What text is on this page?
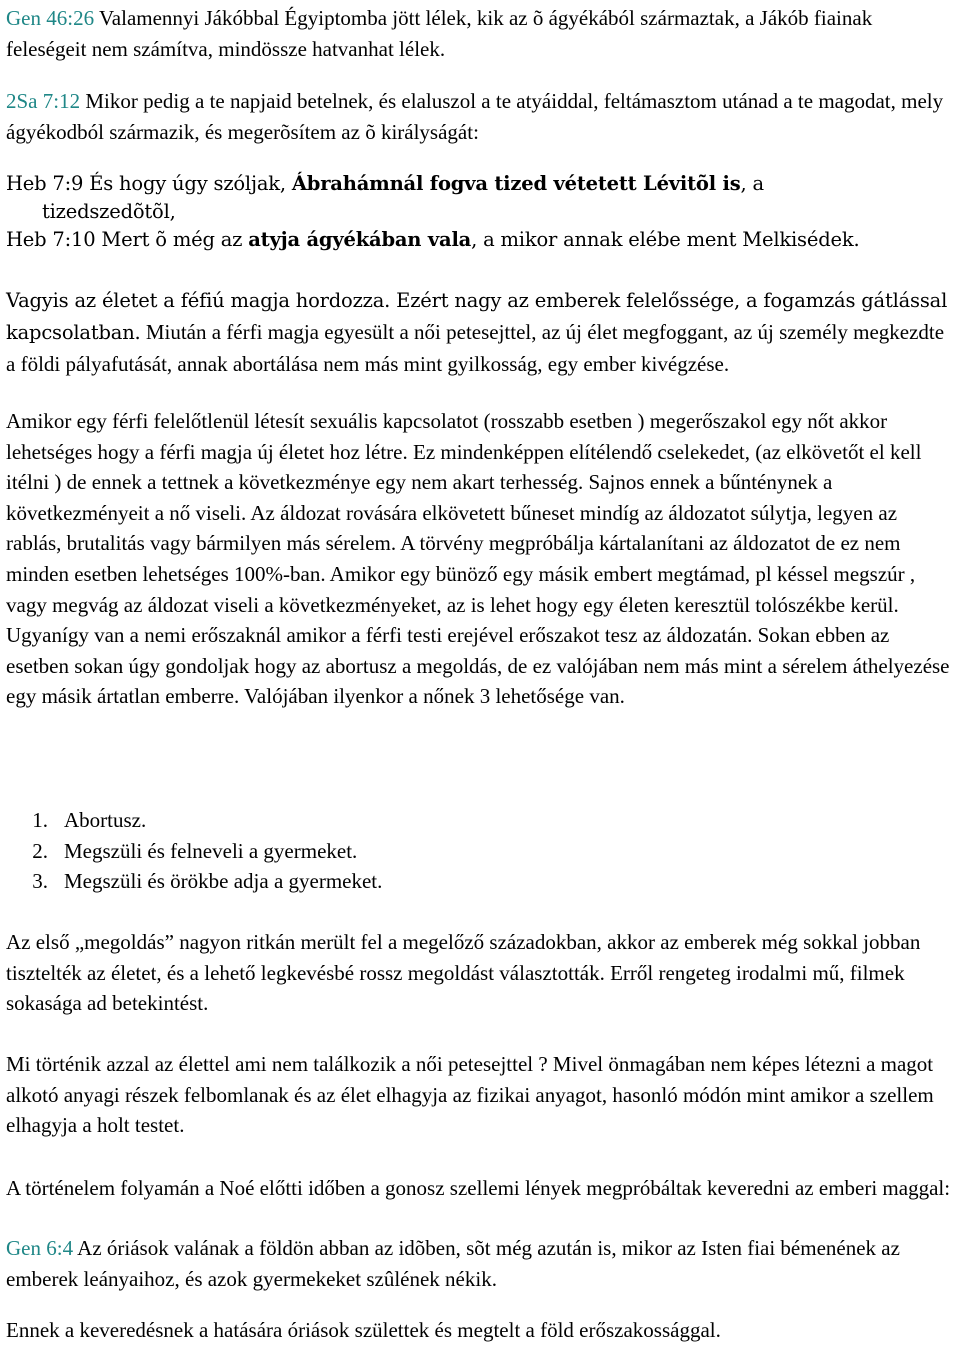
Gen 46:26 Valamennyi Jákóbbal Égyiptomba jött lélek, kik az õ ágyékából származtak, a Jákób fiainak feleségeit nem számítva, mindössze hatvanhat lélek.

2Sa 7:12 Mikor pedig a te napjaid betelnek, és elaluszol a te atyáiddal, feltámasztom utánad a te magodat, mely ágyékodból származik, és megerõsítem az õ királyságát:

Heb 7:9 És hogy úgy szóljak, Ábrahámnál fogva tized vétetett Lévitõl is, a
tizedszedõtõl,

Heb 7:10 Mert õ még az atyja ágyékában vala, a mikor annak elébe ment Melkisédek.

Vagyis az életet a féfiú magja hordozza. Ezért nagy az emberek felelőssége, a fogamzás gátlással kapcsolatban. Miután a férfi magja egyesült a női petesejttel, az új élet megfoggant, az új személy megkezdte a földi pályafutását, annak abortálása nem más mint gyilkosság, egy ember kivégzése.

Amikor egy férfi felelőtlenül létesít sexuális kapcsolatot (rosszabb esetben ) megerőszakol egy nőt akkor lehetséges hogy a férfi magja új életet hoz létre. Ez mindenképpen elítélendő cselekedet, (az elkövetőt el kell itélni ) de ennek a tettnek a következménye egy nem akart terhesség. Sajnos ennek a bűnténynek a következményeit a nő viseli. Az áldozat rovására elkövetett bűneset mindíg az áldozatot súlytja, legyen az rablás, brutalitás vagy bármilyen más sérelem. A törvény megpróbálja kártalanítani az áldozatot de ez nem minden esetben lehetséges 100%-ban. Amikor egy bünöző egy másik embert megtámad, pl késsel megszúr , vagy megvág az áldozat viseli a következményeket, az is lehet hogy egy életen keresztül tolószékbe kerül. Ugyanígy van a nemi erőszaknál amikor a férfi testi erejével erőszakot tesz az áldozatán. Sokan ebben az esetben sokan úgy gondoljak hogy az abortusz a megoldás, de ez valójában nem más mint a sérelem áthelyezése egy másik ártatlan emberre. Valójában ilyenkor a nőnek 3 lehetősége van.

1. Abortusz.
2. Megszüli és felneveli a gyermeket.
3. Megszüli és örökbe adja a gyermeket.

Az első „megoldás” nagyon ritkán merült fel a megelőző századokban, akkor az emberek még sokkal jobban tisztelték az életet, és a lehető legkevésbé rossz megoldást választották. Erről rengeteg irodalmi mű, filmek sokasága ad betekintést.

Mi történik azzal az élettel ami nem találkozik a női petesejttel ? Mivel önmagában nem képes létezni a magot alkotó anyagi részek felbomlanak és az élet elhagyja az fizikai anyagot, hasonló módón mint amikor a szellem elhagyja a holt testet.

A történelem folyamán a Noé előtti időben a gonosz szellemi lények megpróbáltak keveredni az emberi maggal:

Gen 6:4 Az óriások valának a földön abban az idõben, sõt még azután is, mikor az Isten fiai bémenének az emberek leányaihoz, és azok gyermekeket szûlének nékik.

Ennek a keveredésnek a hatására óriások születtek és megtelt a föld erőszakossággal.
